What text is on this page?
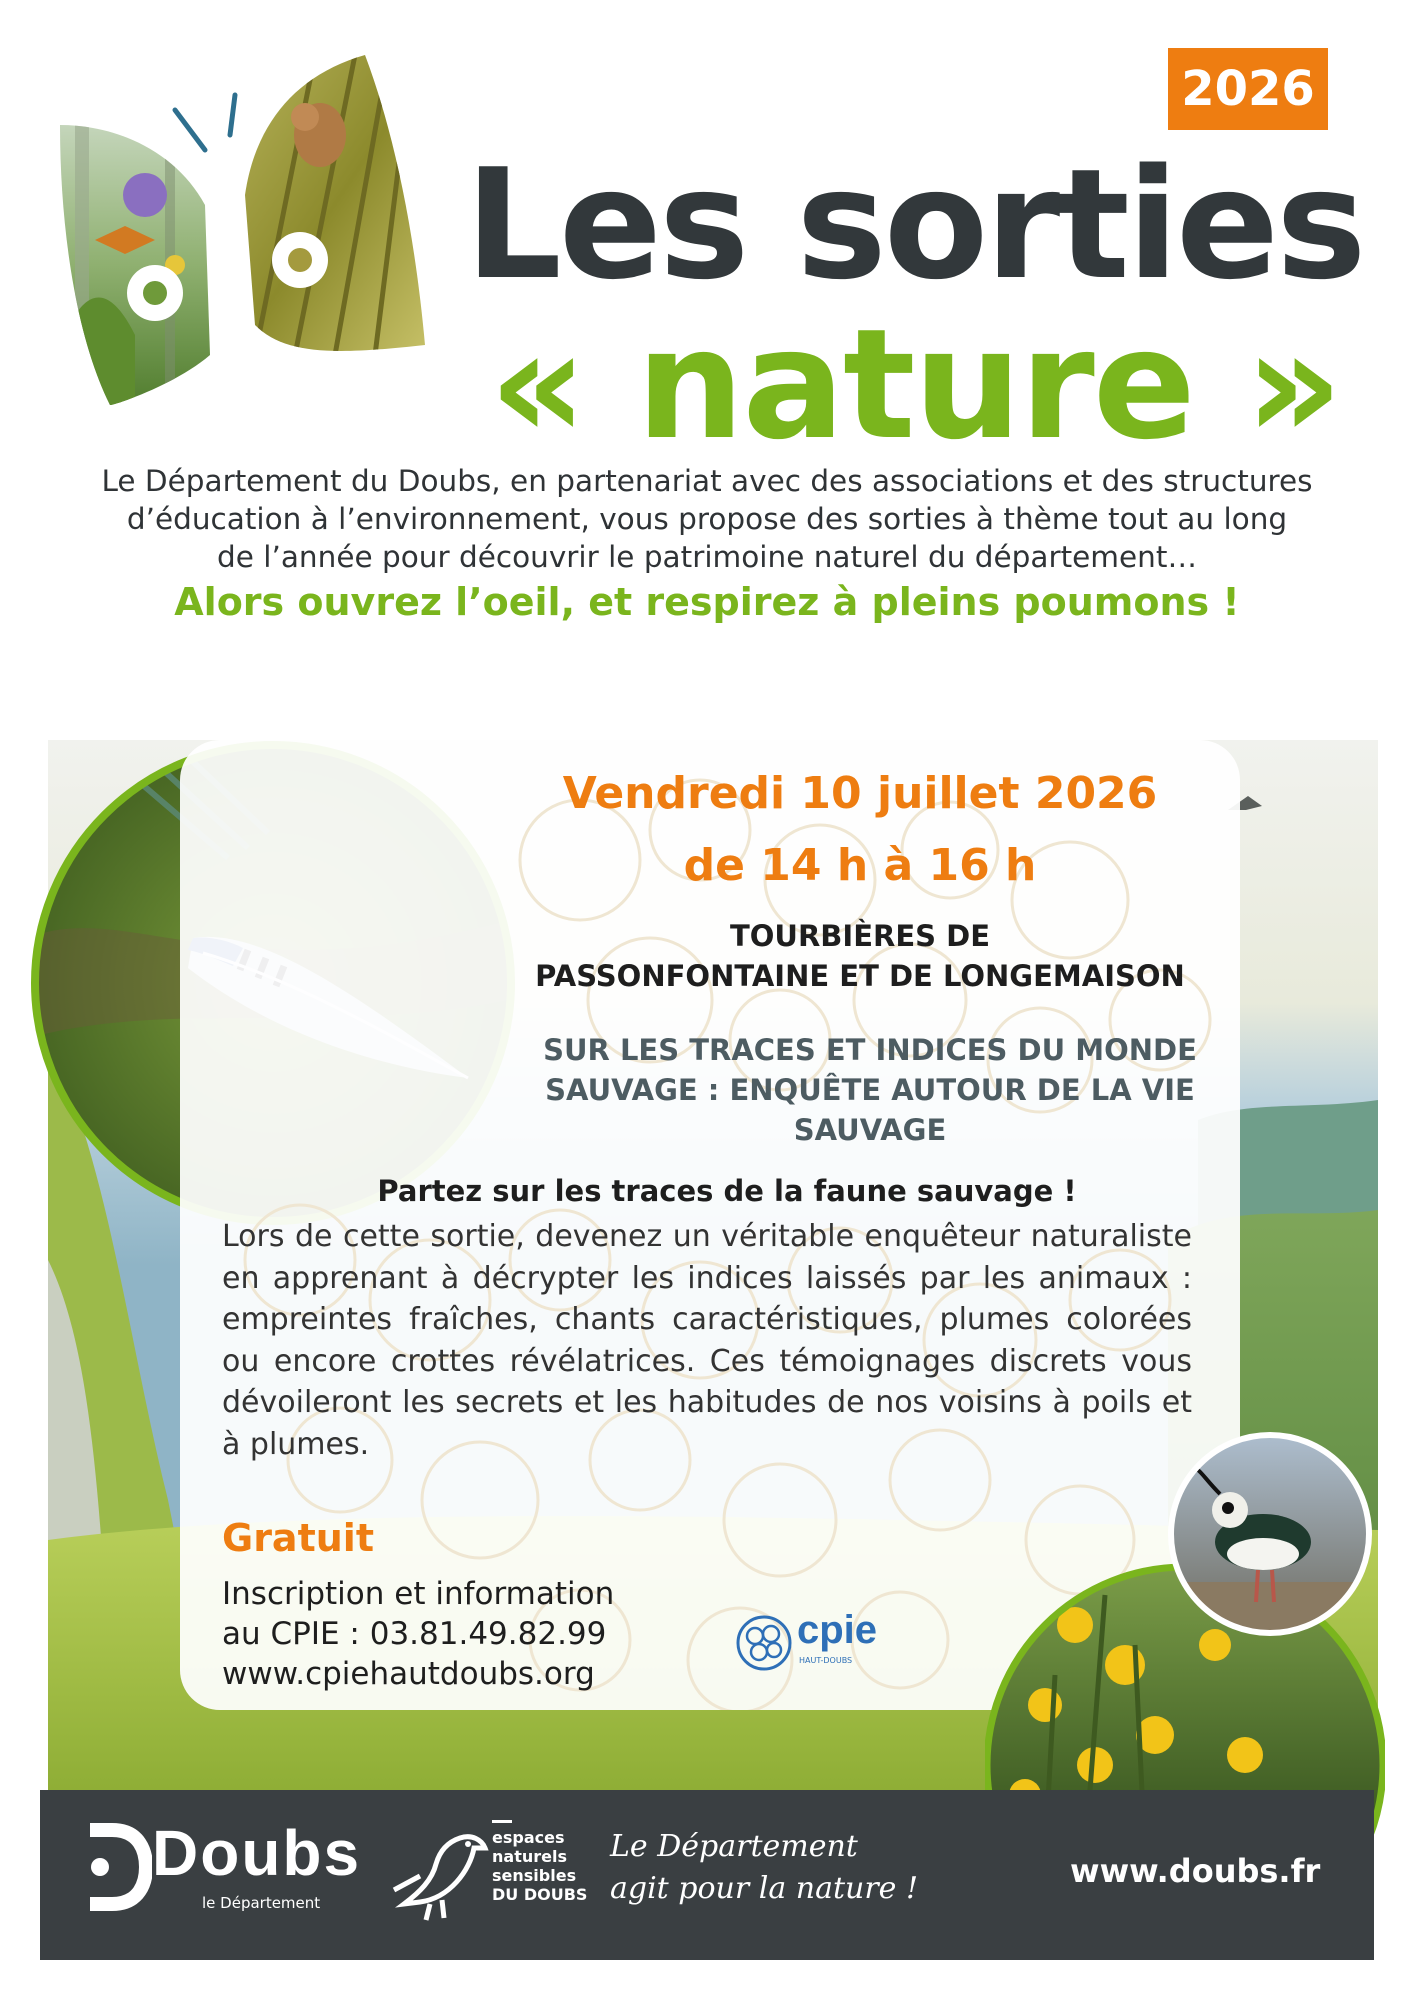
2026
Les sorties
« nature »
Le Département du Doubs, en partenariat avec des associations et des structures
d’éducation à l’environnement, vous propose des sorties à thème tout au long
de l’année pour découvrir le patrimoine naturel du département…
Alors ouvrez l’oeil, et respirez à pleins poumons !
Vendredi 10 juillet 2026
de 14 h à 16 h
TOURBIÈRES DE
PASSONFONTAINE ET DE LONGEMAISON
SUR LES TRACES ET INDICES DU MONDE
SAUVAGE : ENQUÊTE AUTOUR DE LA VIE
SAUVAGE
Partez sur les traces de la faune sauvage !
Lors de cette sortie, devenez un véritable enquêteur naturaliste en apprenant à décrypter les indices laissés par les animaux : empreintes fraîches, chants caractéristiques, plumes colorées ou encore crottes révélatrices. Ces témoignages discrets vous dévoileront les secrets et les habitudes de nos voisins à poils et à plumes.
Gratuit
Inscription et information
au CPIE : 03.81.49.82.99
www.cpiehautdoubs.org
cpie
HAUT-DOUBS
Doubs
le Département
espaces
naturels
sensibles
DU DOUBS
Le Département
agit pour la nature !	www.doubs.fr
